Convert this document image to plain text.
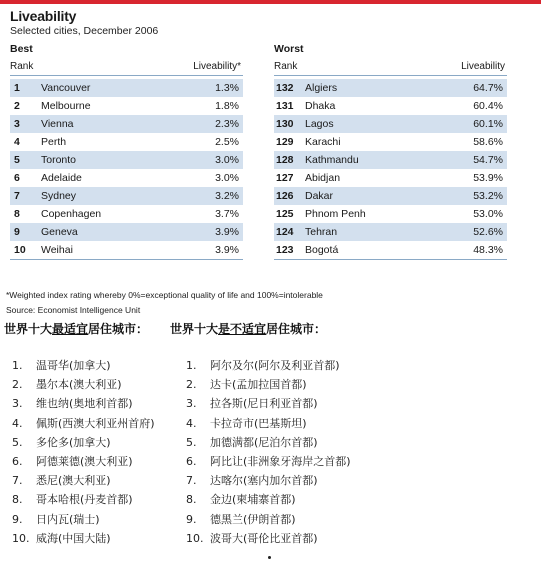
Liveability
Selected cities, December 2006
Best
Rank	Liveability*
1 Vancouver	1.3%
2 Melbourne	1.8%
3 Vienna	2.3%
4 Perth	2.5%
5 Toronto	3.0%
6 Adelaide	3.0%
7 Sydney	3.2%
8 Copenhagen	3.7%
9 Geneva	3.9%
10 Weihai	3.9%
Worst
Rank	Liveability
132 Algiers	64.7%
131 Dhaka	60.4%
130 Lagos	60.1%
129 Karachi	58.6%
128 Kathmandu	54.7%
127 Abidjan	53.9%
126 Dakar	53.2%
125 Phnom Penh	53.0%
124 Tehran	52.6%
123 Bogotá	48.3%
*Weighted index rating whereby 0%=exceptional quality of life and 100%=intolerable
Source: Economist Intelligence Unit
世界十大最适宜居住城市： 世界十大是不适宜居住城市：
1. 温哥华(加拿大)
2. 墨尔本(澳大利亚)
3. 维也纳(奥地利首都)
4. 佩斯(西澳大利亚州首府)
5. 多伦多(加拿大)
6. 阿德莱德(澳大利亚)
7. 悉尼(澳大利亚)
8. 哥本哈根(丹麦首都)
9. 日内瓦(瑞士)
10. 威海(中国大陆)
1. 阿尔及尔(阿尔及利亚首都)
2. 达卡(孟加拉国首都)
3. 拉各斯(尼日利亚首都)
4. 卡拉奇市(巴基斯坦)
5. 加德满都(尼泊尔首都)
6. 阿比让(非洲象牙海岸之首都)
7. 达喀尔(塞内加尔首都)
8. 金边(柬埔寨首都)
9. 德黑兰(伊朗首都)
10. 波哥大(哥伦比亚首都)
